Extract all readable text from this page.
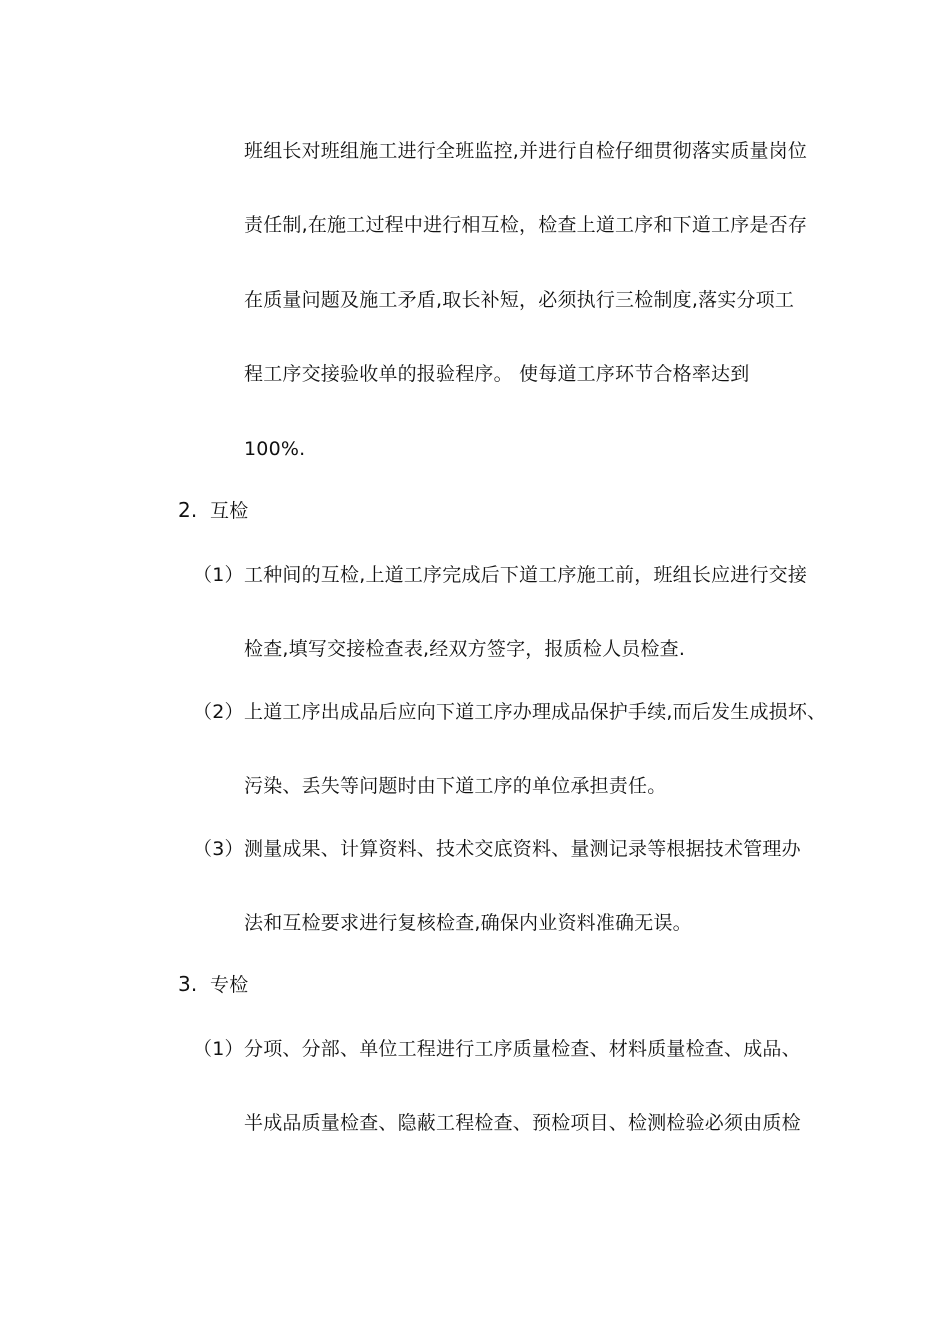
班组长对班组施工进行全班监控,并进行自检仔细贯彻落实质量岗位
责任制,在施工过程中进行相互检，检查上道工序和下道工序是否存
在质量问题及施工矛盾,取长补短，必须执行三检制度,落实分项工
程工序交接验收单的报验程序。 使每道工序环节合格率达到
100%.
2. 互检
（1） 工种间的互检,上道工序完成后下道工序施工前，班组长应进行交接
检查,填写交接检查表,经双方签字，报质检人员检查.
（2） 上道工序出成品后应向下道工序办理成品保护手续,而后发生成损坏、
污染、丢失等问题时由下道工序的单位承担责任。
（3） 测量成果、计算资料、技术交底资料、量测记录等根据技术管理办
法和互检要求进行复核检查,确保内业资料准确无误。
3. 专检
（1） 分项、分部、单位工程进行工序质量检查、材料质量检查、成品、
半成品质量检查、隐蔽工程检查、预检项目、检测检验必须由质检
